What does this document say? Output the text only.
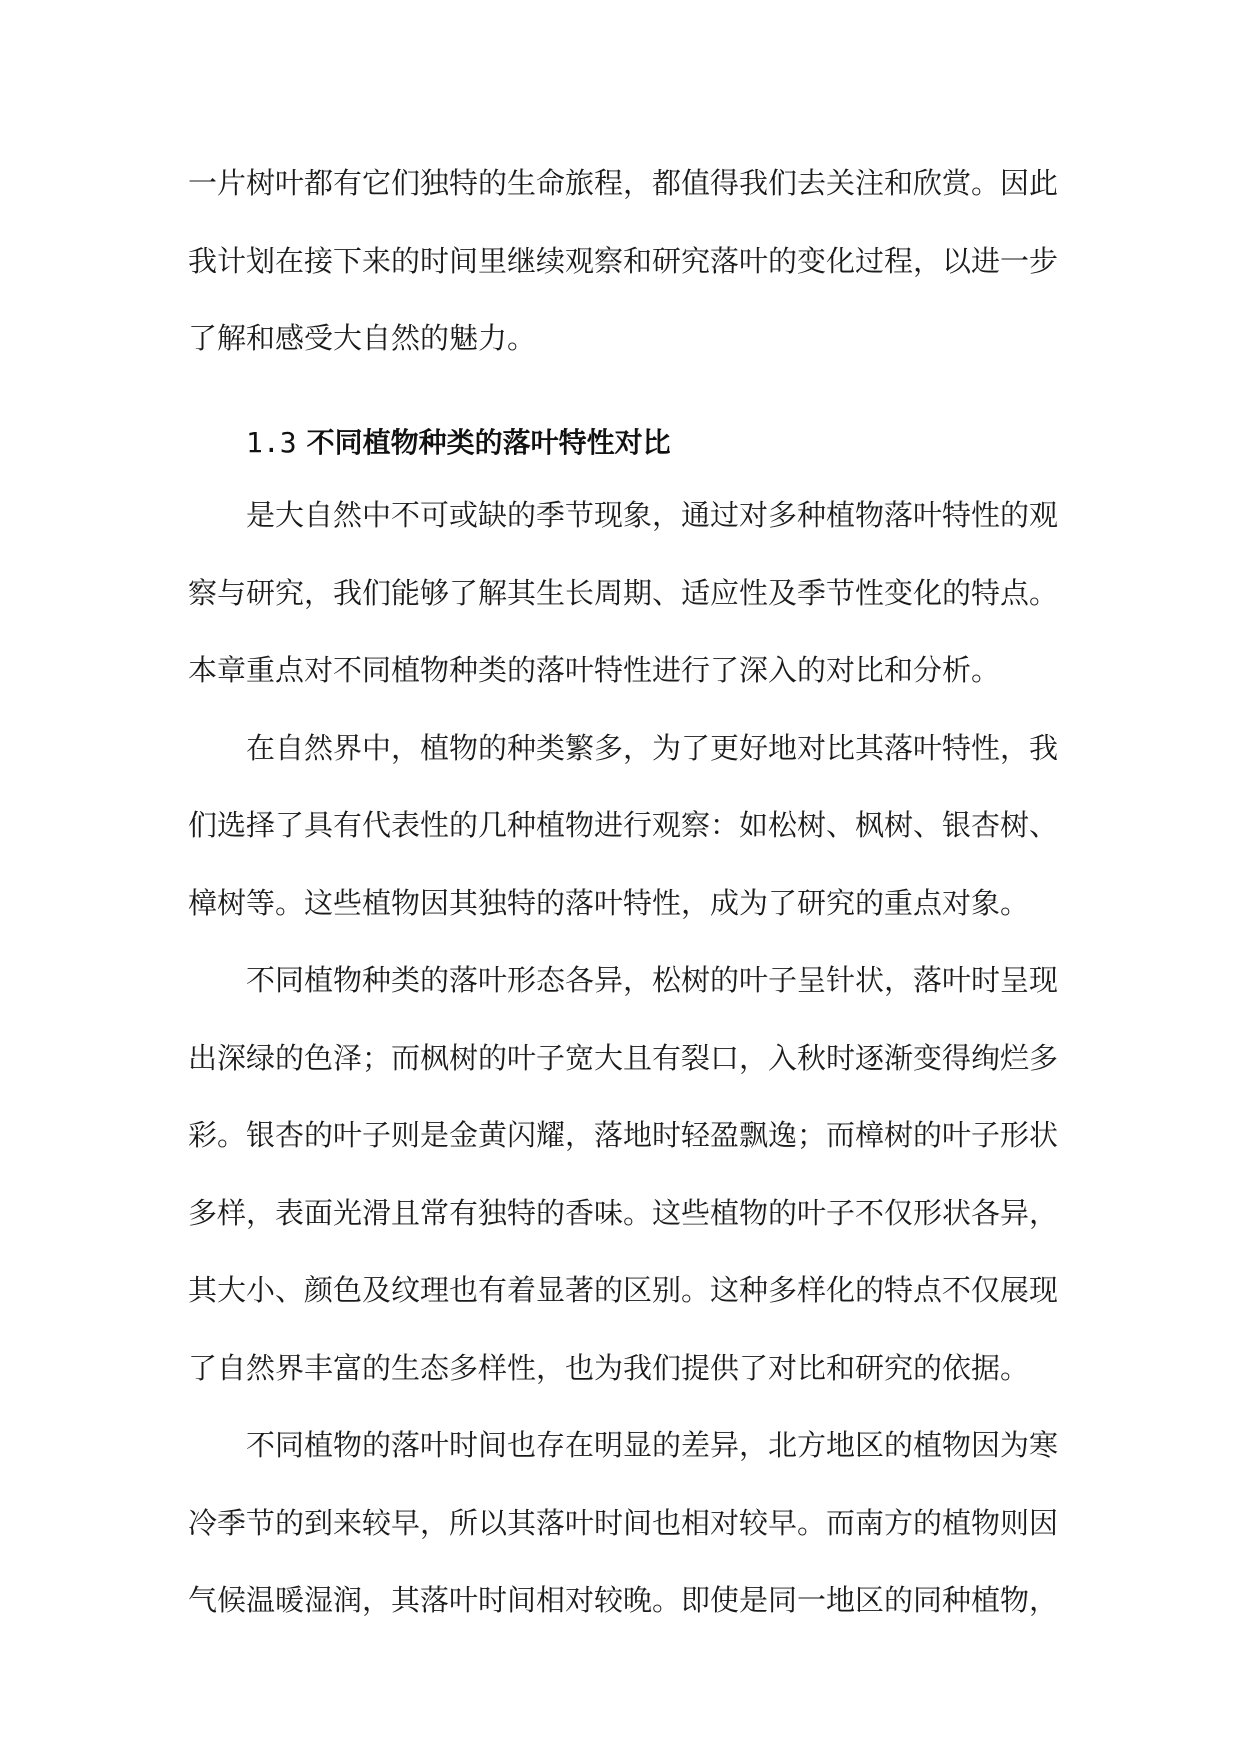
一片树叶都有它们独特的生命旅程，都值得我们去关注和欣赏。因此我计划在接下来的时间里继续观察和研究落叶的变化过程，以进一步了解和感受大自然的魅力。

1.3 不同植物种类的落叶特性对比

是大自然中不可或缺的季节现象，通过对多种植物落叶特性的观察与研究，我们能够了解其生长周期、适应性及季节性变化的特点。本章重点对不同植物种类的落叶特性进行了深入的对比和分析。

在自然界中，植物的种类繁多，为了更好地对比其落叶特性，我们选择了具有代表性的几种植物进行观察：如松树、枫树、银杏树、樟树等。这些植物因其独特的落叶特性，成为了研究的重点对象。

不同植物种类的落叶形态各异，松树的叶子呈针状，落叶时呈现出深绿的色泽；而枫树的叶子宽大且有裂口，入秋时逐渐变得绚烂多彩。银杏的叶子则是金黄闪耀，落地时轻盈飘逸；而樟树的叶子形状多样，表面光滑且常有独特的香味。这些植物的叶子不仅形状各异，其大小、颜色及纹理也有着显著的区别。这种多样化的特点不仅展现了自然界丰富的生态多样性，也为我们提供了对比和研究的依据。

不同植物的落叶时间也存在明显的差异，北方地区的植物因为寒冷季节的到来较早，所以其落叶时间也相对较早。而南方的植物则因气候温暖湿润，其落叶时间相对较晚。即使是同一地区的同种植物，
